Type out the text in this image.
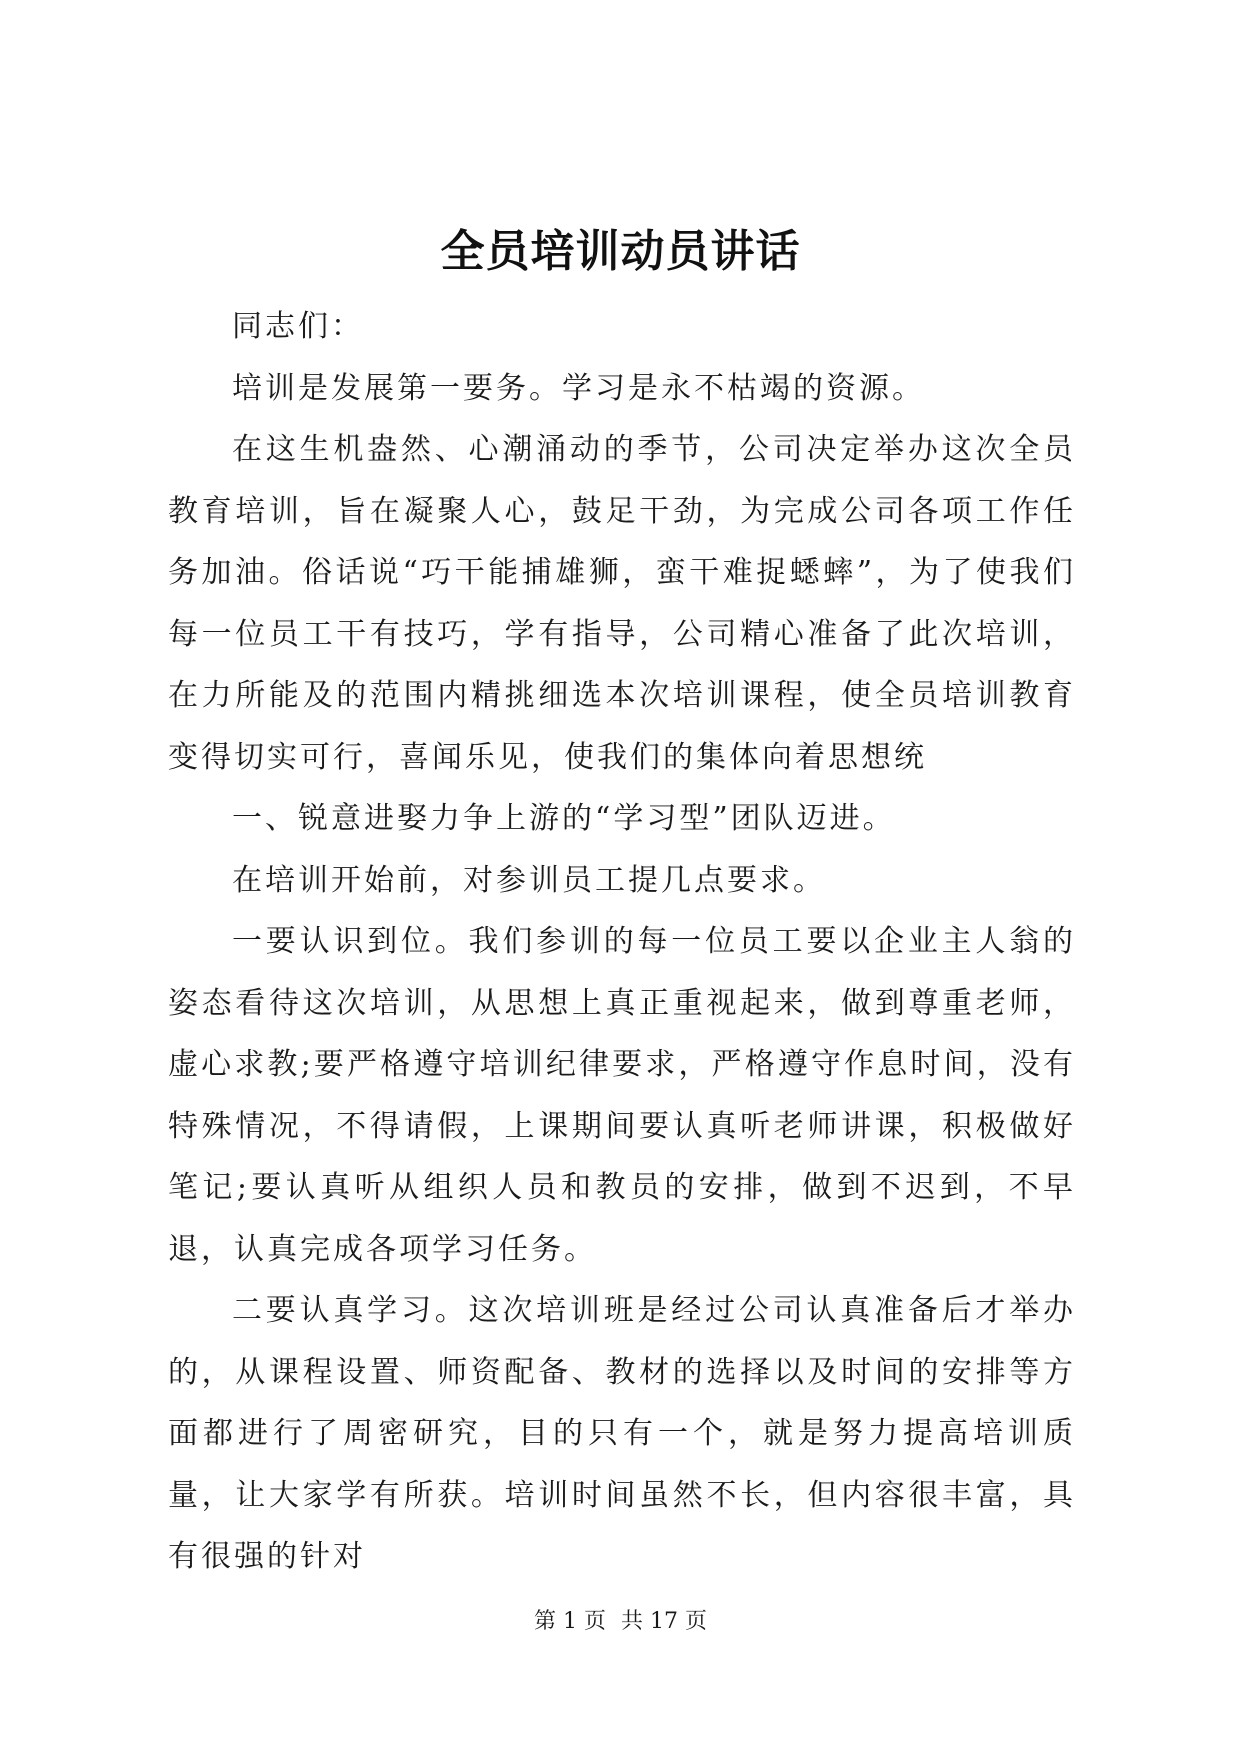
全员培训动员讲话

同志们：

培训是发展第一要务。学习是永不枯竭的资源。

在这生机盎然、心潮涌动的季节，公司决定举办这次全员教育培训，旨在凝聚人心，鼓足干劲，为完成公司各项工作任务加油。俗话说“巧干能捕雄狮，蛮干难捉蟋蟀”，为了使我们每一位员工干有技巧，学有指导，公司精心准备了此次培训，在力所能及的范围内精挑细选本次培训课程，使全员培训教育变得切实可行，喜闻乐见，使我们的集体向着思想统

一、锐意进娶力争上游的“学习型”团队迈进。

在培训开始前，对参训员工提几点要求。

一要认识到位。我们参训的每一位员工要以企业主人翁的姿态看待这次培训，从思想上真正重视起来，做到尊重老师，虚心求教;要严格遵守培训纪律要求，严格遵守作息时间，没有特殊情况，不得请假，上课期间要认真听老师讲课，积极做好笔记;要认真听从组织人员和教员的安排，做到不迟到，不早退，认真完成各项学习任务。

二要认真学习。这次培训班是经过公司认真准备后才举办的，从课程设置、师资配备、教材的选择以及时间的安排等方面都进行了周密研究，目的只有一个，就是努力提高培训质量，让大家学有所获。培训时间虽然不长，但内容很丰富，具有很强的针对

第 1 页 共 17 页
